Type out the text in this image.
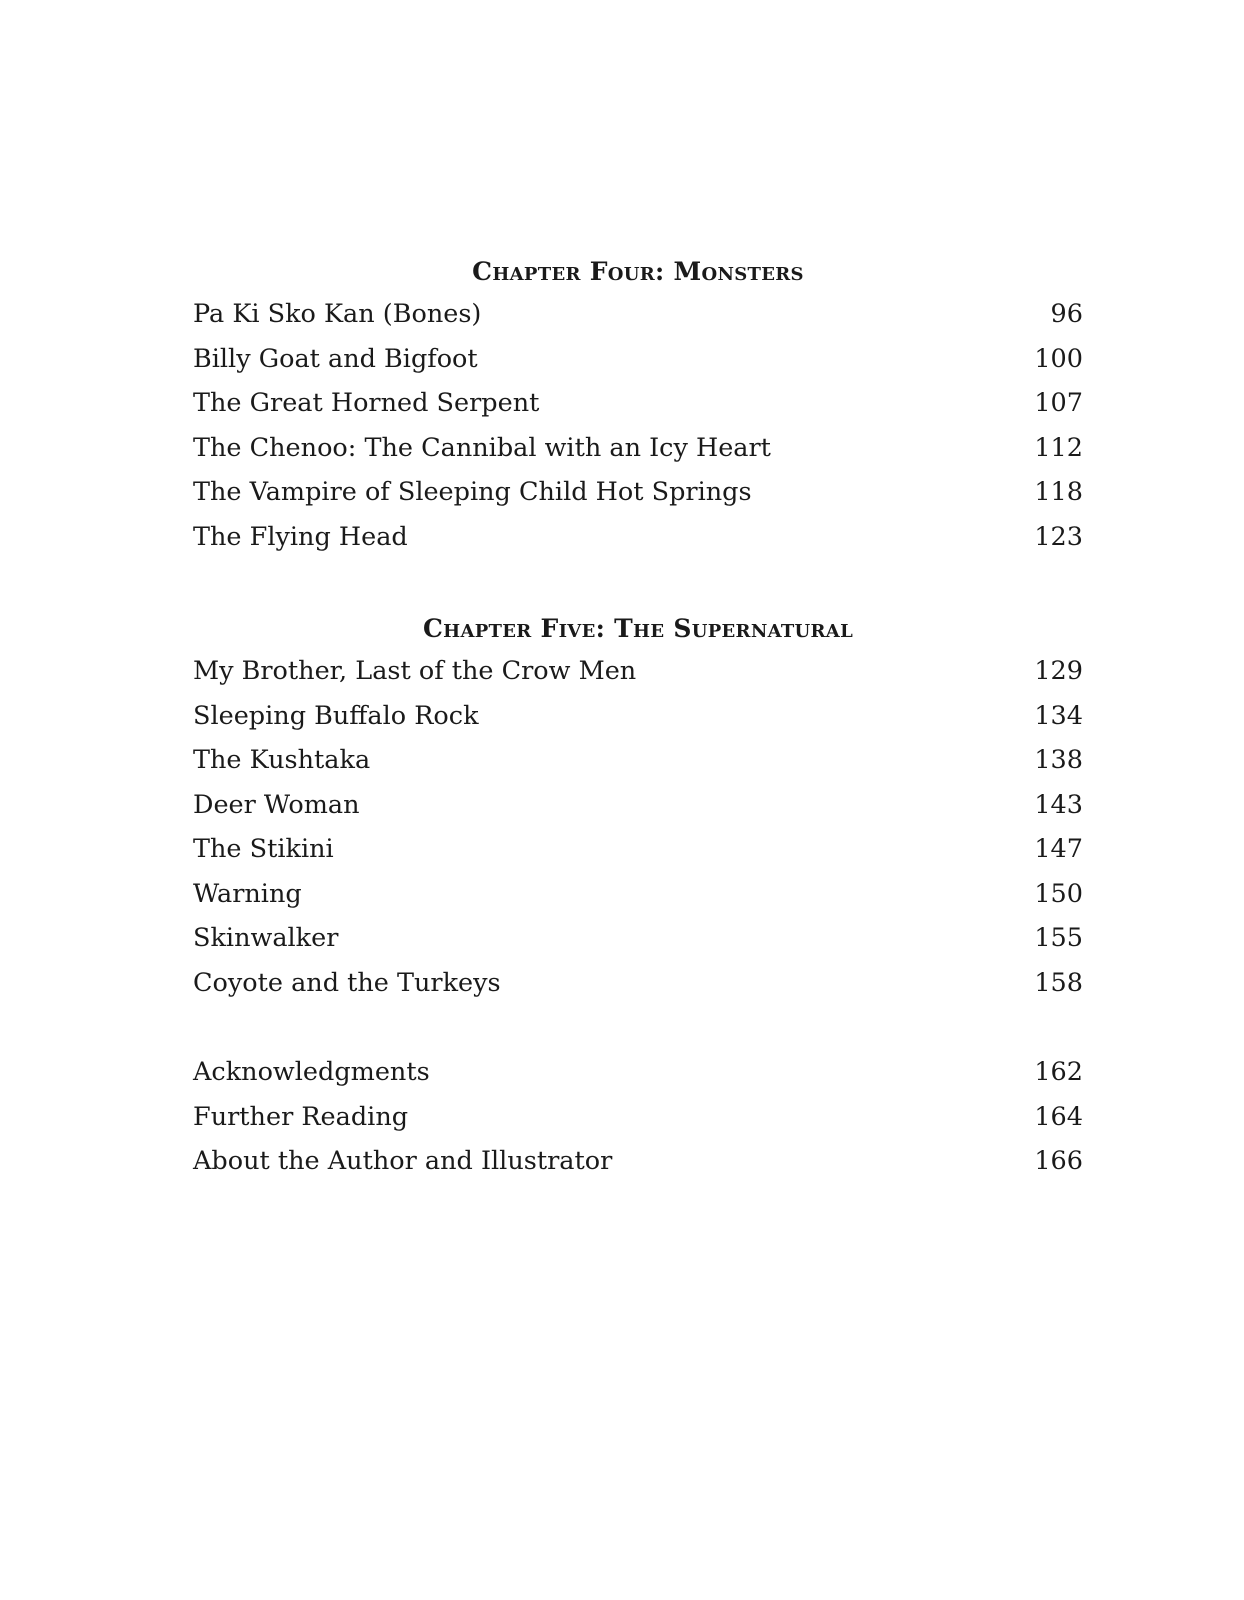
Chapter Four: Monsters
Pa Ki Sko Kan (Bones)	96
Billy Goat and Bigfoot	100
The Great Horned Serpent	107
The Chenoo: The Cannibal with an Icy Heart	112
The Vampire of Sleeping Child Hot Springs	118
The Flying Head	123
Chapter Five: The Supernatural
My Brother, Last of the Crow Men	129
Sleeping Buffalo Rock	134
The Kushtaka	138
Deer Woman	143
The Stikini	147
Warning	150
Skinwalker	155
Coyote and the Turkeys	158
Acknowledgments	162
Further Reading	164
About the Author and Illustrator	166
